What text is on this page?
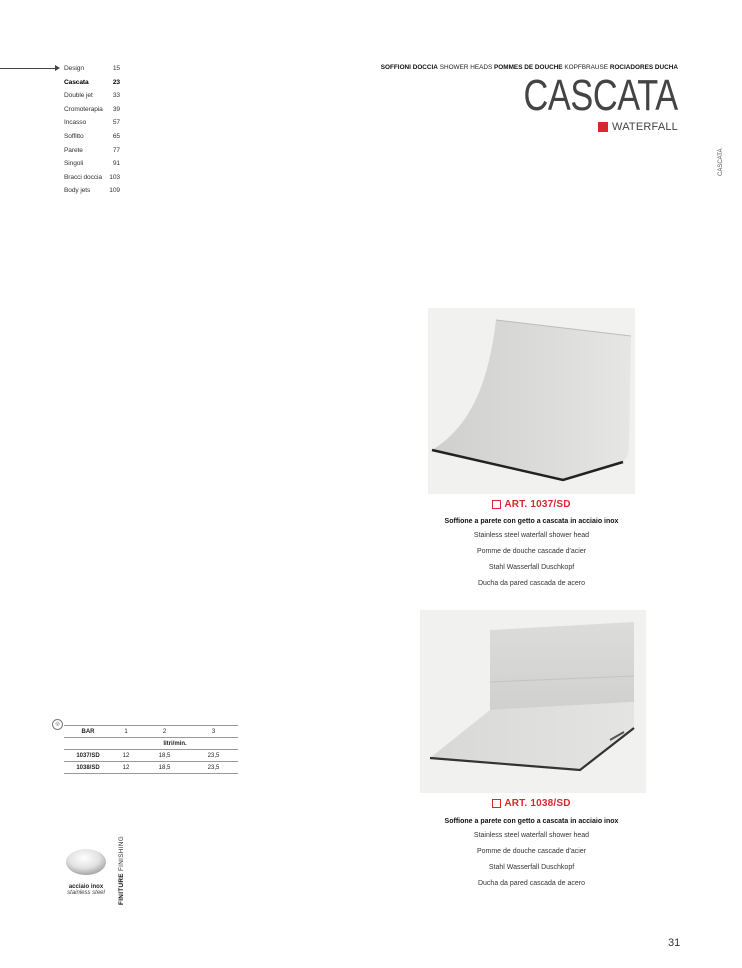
Design	15
Cascata	23
Double jet	33
Cromoterapia 39
Incasso	57
Soffitto	65
Parete	77
Singoli	91
Bracci doccia 103
Body jets	109
SOFFIONI DOCCIA SHOWER HEADS POMMES DE DOUCHE KOPFBRAUSE ROCIADORES DUCHA
CASCATA
WATERFALL
CASCATA
ART. 1037/SD
Soffione a parete con getto a cascata in acciaio inox
Stainless steel waterfall shower head
Pomme de douche cascade d'acier
Stahl Wasserfall Duschkopf
Ducha da pared cascada de acero
ART. 1038/SD
Soffione a parete con getto a cascata in acciaio inox
Stainless steel waterfall shower head
Pomme de douche cascade d'acier
Stahl Wasserfall Duschkopf
Ducha da pared cascada de acero
◎
BAR	1	2	3
	litri/min.		
1037/SD	12	18,5	23,5
1038/SD	12	18,5	23,5
acciaio inox
stainless steel	FINITURE FINISHING
31
